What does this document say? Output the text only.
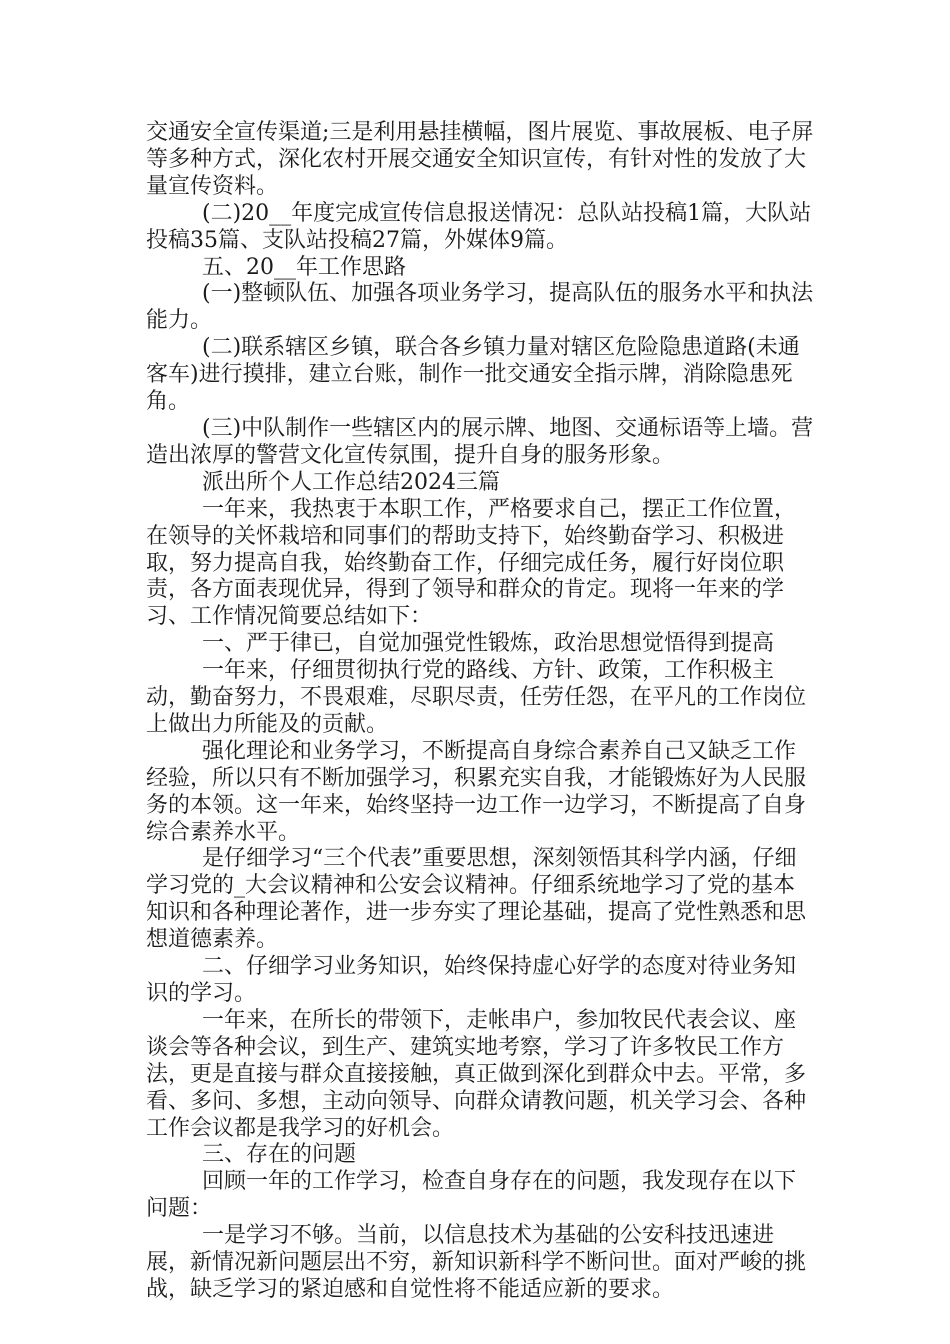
交通安全宣传渠道;三是利用悬挂横幅，图片展览、事故展板、电子屏等多种方式，深化农村开展交通安全知识宣传，有针对性的发放了大量宣传资料。

(二)20__年度完成宣传信息报送情况：总队站投稿1篇，大队站投稿35篇、支队站投稿27篇，外媒体9篇。

五、20__年工作思路

(一)整顿队伍、加强各项业务学习，提高队伍的服务水平和执法能力。

(二)联系辖区乡镇，联合各乡镇力量对辖区危险隐患道路(未通客车)进行摸排，建立台账，制作一批交通安全指示牌，消除隐患死角。

(三)中队制作一些辖区内的展示牌、地图、交通标语等上墙。营造出浓厚的警营文化宣传氛围，提升自身的服务形象。

派出所个人工作总结2024三篇

一年来，我热衷于本职工作，严格要求自己，摆正工作位置，在领导的关怀栽培和同事们的帮助支持下，始终勤奋学习、积极进取，努力提高自我，始终勤奋工作，仔细完成任务，履行好岗位职责，各方面表现优异，得到了领导和群众的肯定。现将一年来的学习、工作情况简要总结如下：

一、严于律已，自觉加强党性锻炼，政治思想觉悟得到提高

一年来，仔细贯彻执行党的路线、方针、政策，工作积极主动，勤奋努力，不畏艰难，尽职尽责，任劳任怨，在平凡的工作岗位上做出力所能及的贡献。

强化理论和业务学习，不断提高自身综合素养自己又缺乏工作经验，所以只有不断加强学习，积累充实自我，才能锻炼好为人民服务的本领。这一年来，始终坚持一边工作一边学习，不断提高了自身综合素养水平。

是仔细学习“三个代表”重要思想，深刻领悟其科学内涵，仔细学习党的_大会议精神和公安会议精神。仔细系统地学习了党的基本知识和各种理论著作，进一步夯实了理论基础，提高了党性熟悉和思想道德素养。

二、仔细学习业务知识，始终保持虚心好学的态度对待业务知识的学习。

一年来，在所长的带领下，走帐串户，参加牧民代表会议、座谈会等各种会议，到生产、建筑实地考察，学习了许多牧民工作方法，更是直接与群众直接接触，真正做到深化到群众中去。平常，多看、多问、多想，主动向领导、向群众请教问题，机关学习会、各种工作会议都是我学习的好机会。

三、存在的问题

回顾一年的工作学习，检查自身存在的问题，我发现存在以下问题：

一是学习不够。当前，以信息技术为基础的公安科技迅速进展，新情况新问题层出不穷，新知识新科学不断问世。面对严峻的挑战，缺乏学习的紧迫感和自觉性将不能适应新的要求。
